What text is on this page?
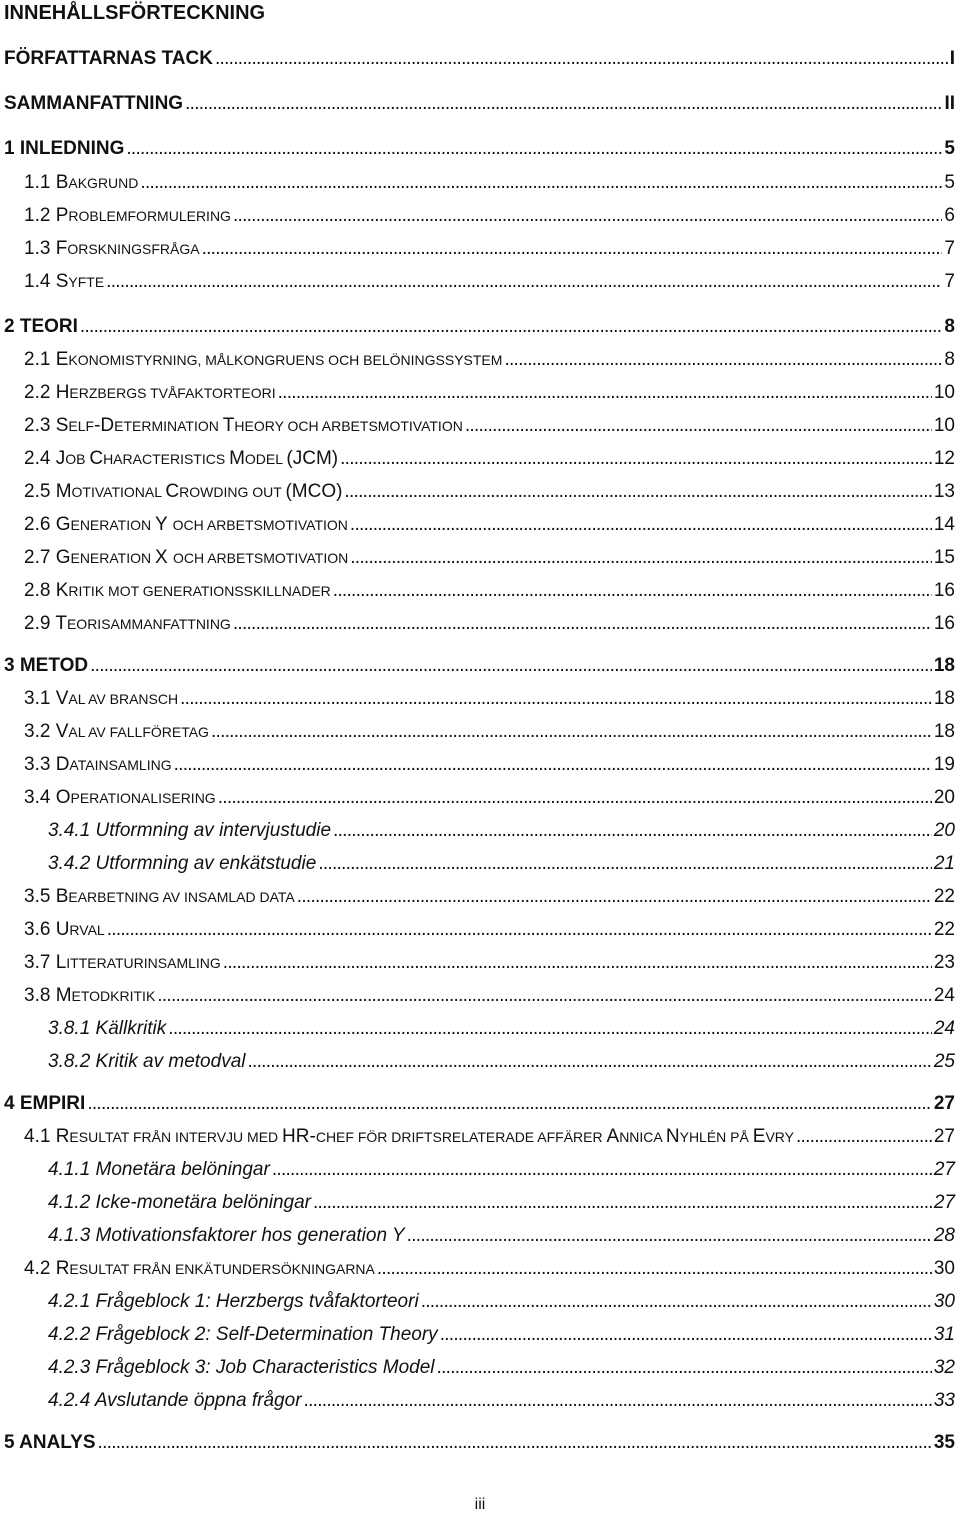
INNEHÅLLSFÖRTECKNING
FÖRFATTARNAS TACK . . .	I
SAMMANFATTNING . . .	II
1 INLEDNING . . .	5
1.1 BAKGRUND . . .	5
1.2 PROBLEMFORMULERING . . .	6
1.3 FORSKNINGSFRÅGA . . .	7
1.4 SYFTE . . .	7
2 TEORI . . .	8
2.1 EKONOMISTYRNING, MÅLKONGRUENS OCH BELÖNINGSSYSTEM . . .	8
2.2 HERZBERGS TVÅFAKTORTEORI . . .	10
2.3 SELF-DETERMINATION THEORY OCH ARBETSMOTIVATION . . .	10
2.4 JOB CHARACTERISTICS MODEL (JCM) . . .	12
2.5 MOTIVATIONAL CROWDING OUT (MCO) . . .	13
2.6 GENERATION Y OCH ARBETSMOTIVATION . . .	14
2.7 GENERATION X OCH ARBETSMOTIVATION . . .	15
2.8 KRITIK MOT GENERATIONSSKILLNADER . . .	16
2.9 TEORISAMMANFATTNING . . .	16
3 METOD . . .	18
3.1 VAL AV BRANSCH . . .	18
3.2 VAL AV FALLFÖRETAG . . .	18
3.3 DATAINSAMLING . . .	19
3.4 OPERATIONALISERING . . .	20
3.4.1 Utformning av intervjustudie . . .	20
3.4.2 Utformning av enkätstudie . . .	21
3.5 BEARBETNING AV INSAMLAD DATA . . .	22
3.6 URVAL . . .	22
3.7 LITTERATURINSAMLING . . .	23
3.8 METODKRITIK . . .	24
3.8.1 Källkritik . . .	24
3.8.2 Kritik av metodval . . .	25
4 EMPIRI . . .	27
4.1 RESULTAT FRÅN INTERVJU MED HR-CHEF FÖR DRIFTSRELATERADE AFFÄRER ANNICA NYHLÉN PÅ EVRY . . .	27
4.1.1 Monetära belöningar . . .	27
4.1.2 Icke-monetära belöningar . . .	27
4.1.3 Motivationsfaktorer hos generation Y . . .	28
4.2 RESULTAT FRÅN ENKÄTUNDERSÖKNINGARNA . . .	30
4.2.1 Frågeblock 1: Herzbergs tvåfaktorteori . . .	30
4.2.2 Frågeblock 2: Self-Determination Theory . . .	31
4.2.3 Frågeblock 3: Job Characteristics Model . . .	32
4.2.4 Avslutande öppna frågor . . .	33
5 ANALYS . . .	35
iii
